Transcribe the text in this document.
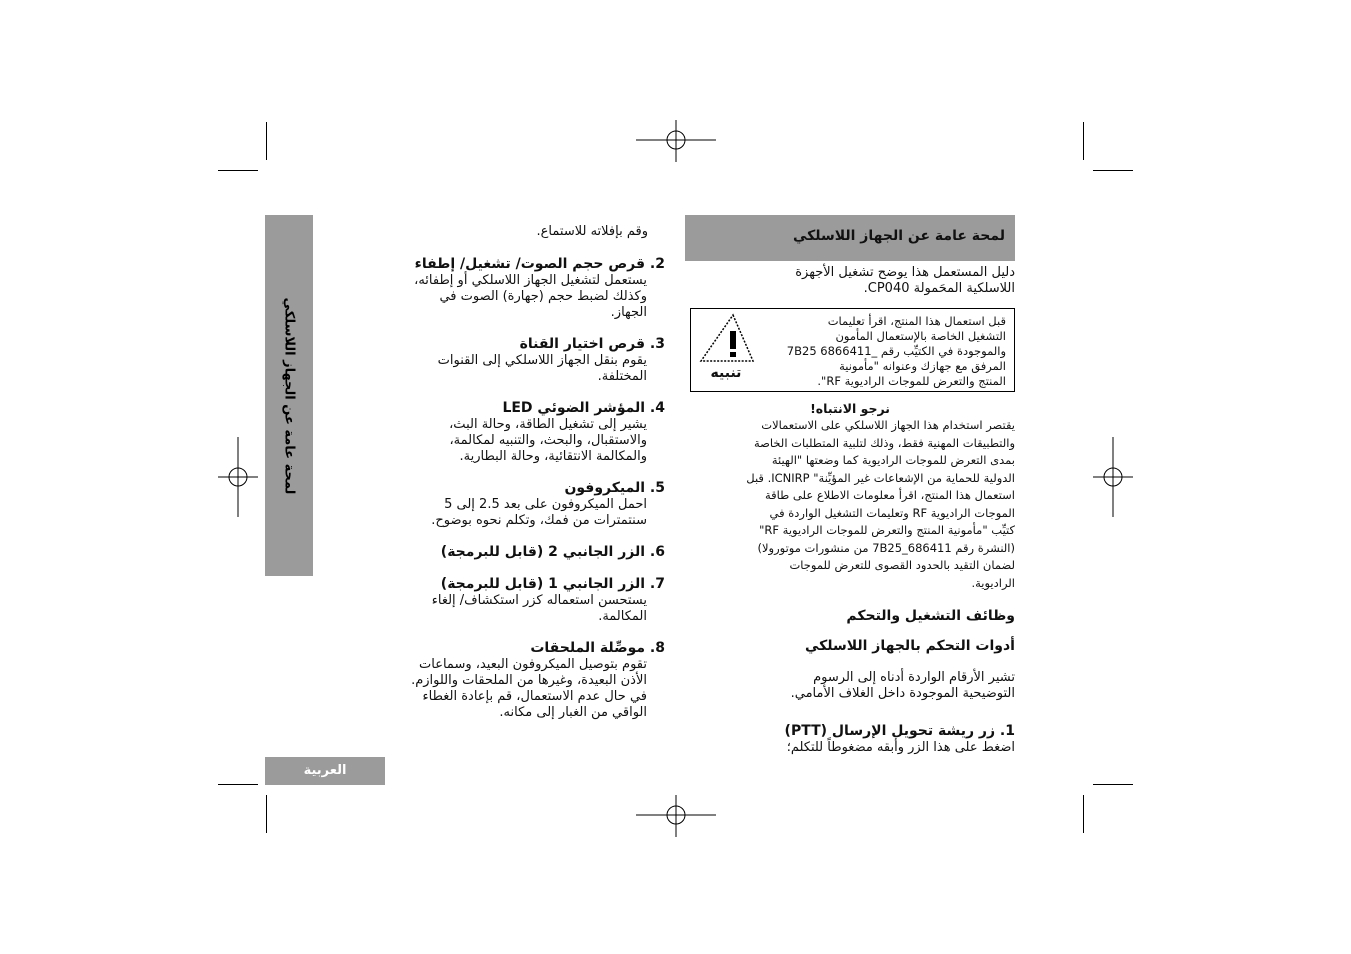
لمحة عامة عن الجهاز اللاسلكي
العربية
لمحة عامة عن الجهاز اللاسلكي
دليل المستعمل هذا يوضح تشغيل الأجهزة
اللاسلكية المحَمولة CP040.
تنبيه
قبل استعمال هذا المنتج، اقرأ تعليمات
التشغيل الخاصة بالإستعمال المأمون
والموجودة في الكتيِّب رقم _6866411 7B25
المرفق مع جهازك وعنوانه "مأمونية
المنتج والتعرض للموجات الراديوية RF".
نرجو الانتباه!
يقتصر استخدام هذا الجهاز اللاسلكي على الاستعمالات
والتطبيقات المهنية فقط، وذلك لتلبية المتطلبات الخاصة
بمدى التعرض للموجات الراديوية كما وضعتها "الهيئة
الدولية للحماية من الإشعاعات غير المؤيِّنة" ICNIRP. قبل
استعمال هذا المنتج، اقرأ معلومات الاطلاع على طاقة
الموجات الراديوية RF وتعليمات التشغيل الواردة في
كتيِّب "مأمونية المنتج والتعرض للموجات الراديوية RF"
(النشرة رقم 7B25_686411 من منشورات موتورولا)
لضمان التقيد بالحدود القصوى للتعرض للموجات
الراديوية.
وظائف التشغيل والتحكم
أدوات التحكم بالجهاز اللاسلكي
تشير الأرقام الواردة أدناه إلى الرسوم
التوضيحية الموجودة داخل الغلاف الأمامي.
1. زر ريشة تحويل الإرسال (PTT)
اضغط على هذا الزر وأبقه مضغوطاً للتكلم؛
وقم بإفلاته للاستماع.
2. قرص حجم الصوت/ تشغيل/ إطفاء
يستعمل لتشغيل الجهاز اللاسلكي أو إطفائه،
وكذلك لضبط حجم (جهارة) الصوت في
الجهاز.
3. قرص اختيار القناة
يقوم بنقل الجهاز اللاسلكي إلى القنوات
المختلفة.
4. المؤشر الضوئي LED
يشير إلى تشغيل الطاقة، وحالة البث،
والاستقبال، والبحث، والتنبيه لمكالمة،
والمكالمة الانتقائية، وحالة البطارية.
5. الميكروفون
احمل الميكروفون على بعد 2.5 إلى 5
سنتمترات من فمك، وتكلم نحوه بوضوح.
6. الزر الجانبي 2 (قابل للبرمجة)
7. الزر الجانبي 1 (قابل للبرمجة)
يستحسن استعماله كزر استكشاف/ إلغاء
المكالمة.
8. موصِّلة الملحقات
تقوم بتوصيل الميكروفون البعيد، وسماعات
الأذن البعيدة، وغيرها من الملحقات واللوازم.
في حال عدم الاستعمال، قم بإعادة الغطاء
الواقي من الغبار إلى مكانه.
